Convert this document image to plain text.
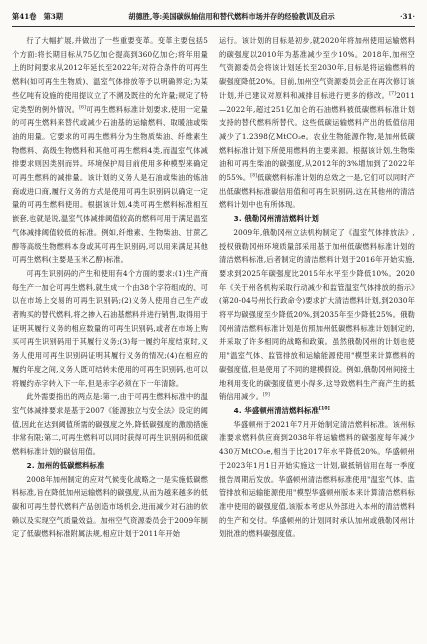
第41卷　第3期	胡德胜,等:美国碳纵轴信用和替代燃料市场并存的经验教训及启示	·31·

行了大幅扩展,并做出了一些重要变革。变革主要包括5个方面:将长期目标从75亿加仑提高到360亿加仑;将年用量上的时间要求从2012年延长至2022年;对符合条件的可再生燃料(如可再生生物质)、温室气体排放等予以明确界定;为某些亿吨有设施的使用提议立了不溯及既往的允许量;规定了特定类型的例外情况。[6]可再生燃料标准计划要求,使用一定量的可再生燃料来替代或减少石油基的运输燃料、取暖油或柴油的用量。它要求的可再生燃料分为生物质柴油、纤维素生物燃料、高级生物燃料和其他可再生燃料4类,而温室气体减排要求则因类别而异。环境保护局目前使用多种模型来确定可再生燃料的减排量。该计划的义务人是石油或柴油的炼油商或进口商,履行义务的方式是使用可再生识别码以确定一定量的可再生燃料使用。根据该计划,4类可再生燃料标准相互嵌套,也就是说,温室气体减排阈值较高的燃料可用于满足温室气体减排阈值较低的标准。例如,纤维素、生物柴油、甘蔗乙醇等高级生物燃料本身或其可再生识别码,可以用来满足其他可再生燃料(主要是玉米乙醇)标准。

可再生识别码的产生和使用有4个方面的要求:(1)生产商每生产一加仑可再生燃料,就生成一个由38个字符组成的、可以在市场上交易的可再生识别码;(2)义务人使用自己生产或者购买的替代燃料,将之掺入石油基燃料并进行销售,取得用于证明其履行义务的相应数量的可再生识别码,或者在市场上购买可再生识别码用于其履行义务;(3)每一履约年度结束时,义务人使用可再生识别码证明其履行义务的情况;(4)在相应的履约年度之间,义务人既可结转未使用的可再生识别码,也可以将履约赤字转入下一年,但是赤字必须在下一年清除。

此外需要指出的两点是:第一,由于可再生燃料标准中的温室气体减排要求是基于2007《能源独立与安全法》设定的阈值,因此在达到阈值所需的碳强度之外,降低碳强度的激励措施非常有限;第二,可再生燃料可以同时获得可再生识别码和低碳燃料标准计划的碳信用值。

2. 加州的低碳燃料标准

2008年加州制定的应对气候变化战略之一是实施低碳燃料标准,旨在降低加州运输燃料的碳强度,从而为越来越多的低碳和可再生替代燃料产品创造市场机会,进而减少对石油的依赖以及实现空气质量效益。加州空气资源委员会于2009年制定了低碳燃料标准附属法规,相应计划于2011年开始

运行。该计划的目标是初步,就2020年将加州使用运输燃料的碳强度以2010年为基准减少至少10%。2018年,加州空气资源委员会将该计划延长至2030年,目标是将运输燃料的碳强度降低20%。目前,加州空气资源委员会正在再次修订该计划,并已建议对原料和减排目标进行更多的修改。[7]2011—2022年,超过251亿加仑的石油燃料被低碳燃料标准计划支持的替代燃料所替代。这些低碳运输燃料产出的低值信用减少了1.2398亿MtCO₂e。农业生物能源作物,是加州低碳燃料标准计划下所使用燃料的主要来源。根据该计划,生物柴油和可再生柴油的碳强度,从2012年的3%增加到了2022年的55%。[8]低碳燃料标准计划的总效之一是,它们可以同时产出低碳燃料标准碳信用值和可再生识别码,这在其他州的清洁燃料计划中也有所体现。

3. 俄勒冈州清洁燃料计划

2009年,俄勒冈州立法机构制定了《温室气体排放法》,授权俄勒冈州环境质量部采用基于加州低碳燃料标准计划的清洁燃料标准,后者制定的清洁燃料计划于2016年开始实施,要求到2025年碳强度比2015年水平至少降低10%。2020年《关于州各机构采取行动减少和监管温室气体排放的指示》(第20-04号州长行政命令)要求扩大清洁燃料计划,到2030年将平均碳强度至少降低20%,到2035年至少降低25%。俄勒冈州清洁燃料标准计划是仿照加州低碳燃料标准计划制定的,并采取了许多相同的战略和政策。虽然俄勒冈州的计划也使用"温室气体、监管排放和运输能源使用"模型来计算燃料的碳强度值,但是使用了不同的建模假设。例如,俄勒冈州间接土地利用变化的碳强度值更小得多,这导致燃料生产商产生的抵销信用减少。[9]

4. 华盛顿州清洁燃料标准[10]

华盛顿州于2021年7月开始制定清洁燃料标准。该州标准要求燃料供应商到2038年将运输燃料的碳强度每年减少430万MtCO₂e,相当于比2017年水平降低20%。华盛顿州于2023年1月1日开始实施这一计划,碳抵销信用在每一季度报告周期后发放。华盛顿州清洁燃料标准使用"温室气体、监管排放和运输能源使用"模型华盛顿州版本来计算清洁燃料标准中使用的碳强度值,该版本考虑从外部进入本州的清洁燃料的生产和交付。华盛顿州的计划同时承认加州或俄勒冈州计划批准的燃料碳强度值。
